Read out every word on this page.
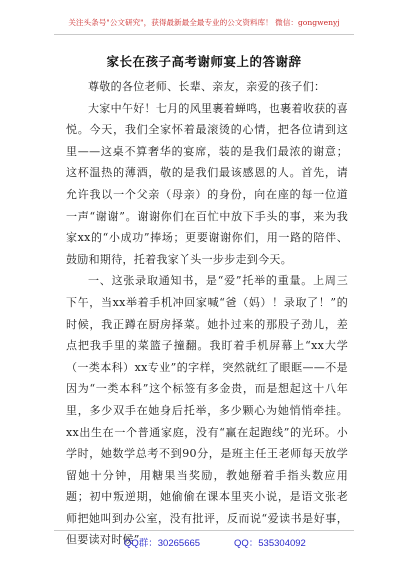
关注头条号"公文研究"，获得最新最全最专业的公文资料库！ 微信：gongwenyj
家长在孩子高考谢师宴上的答谢辞

尊敬的各位老师、长辈、亲友，亲爱的孩子们：

大家中午好！七月的风里裹着蝉鸣，也裹着收获的喜悦。今天，我们全家怀着最滚烫的心情，把各位请到这里——这桌不算奢华的宴席，装的是我们最浓的谢意；这杯温热的薄酒，敬的是我们最该感恩的人。首先，请允许我以一个父亲（母亲）的身份，向在座的每一位道一声“谢谢”。谢谢你们在百忙中放下手头的事，来为我家xx的“小成功”捧场；更要谢谢你们，用一路的陪伴、鼓励和期待，托着我家丫头一步步走到今天。

一、这张录取通知书，是“爱”托举的重量。上周三下午，当xx举着手机冲回家喊“爸（妈）！录取了！”的时候，我正蹲在厨房择菜。她扑过来的那股子劲儿，差点把我手里的菜篮子撞翻。我盯着手机屏幕上“xx大学（一类本科）xx专业”的字样，突然就红了眼眶——不是因为“一类本科”这个标签有多金贵，而是想起这十八年里，多少双手在她身后托举，多少颗心为她悄悄牵挂。xx出生在一个普通家庭，没有“赢在起跑线”的光环。小学时，她数学总考不到90分，是班主任王老师每天放学留她十分钟，用糖果当奖励，教她掰着手指头数应用题；初中叛逆期，她偷偷在课本里夹小说，是语文张老师把她叫到办公室，没有批评，反而说“爱读书是好事，但要读对时候”

QQ群：30265665	QQ：535304092
